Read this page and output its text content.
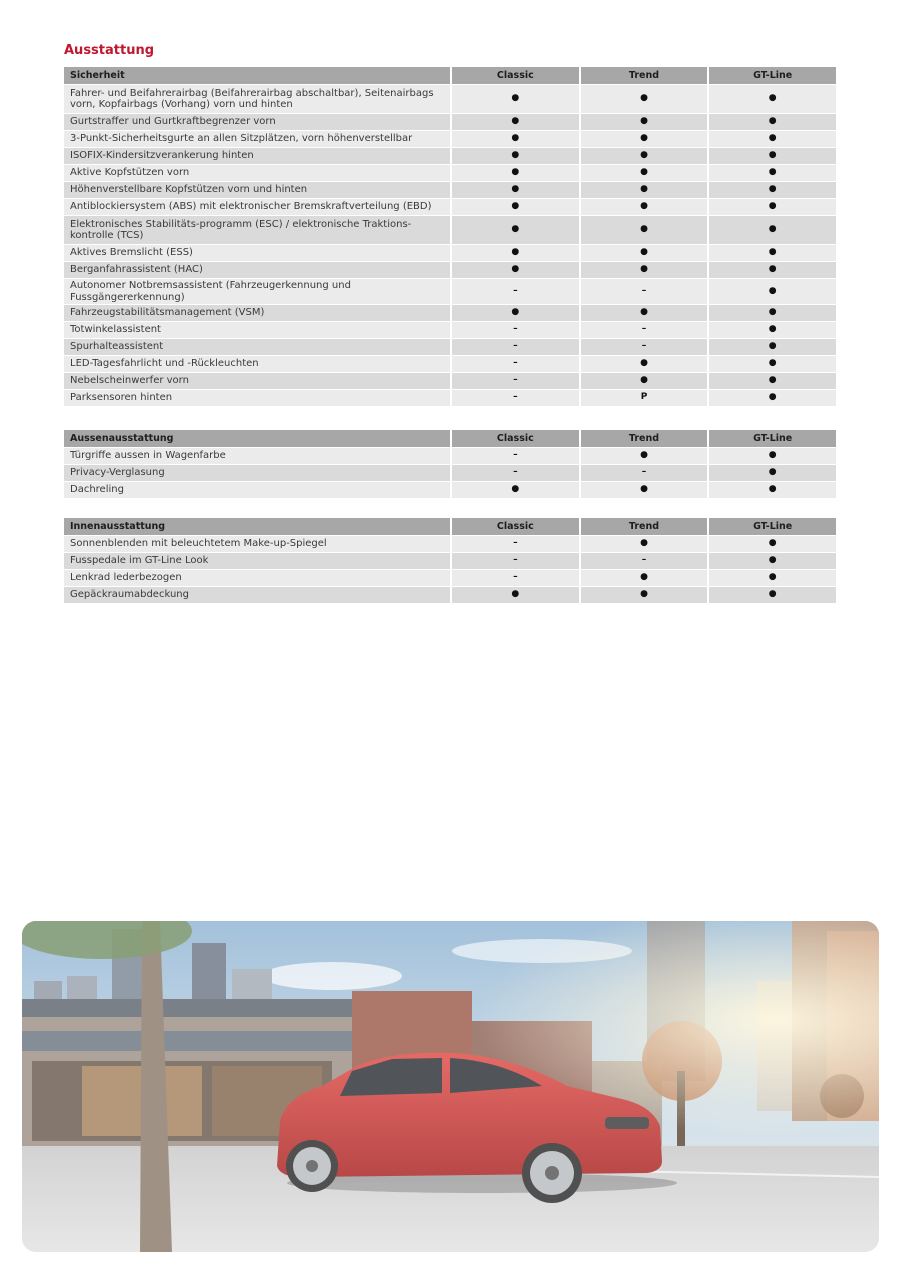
Ausstattung
Sicherheit	Classic	Trend	GT-Line
Fahrer- und Beifahrerairbag (Beifahrerairbag abschaltbar), Seitenairbags vorn, Kopfairbags (Vorhang) vorn und hinten	●	●	●
Gurtstraffer und Gurtkraftbegrenzer vorn	●	●	●
3-Punkt-Sicherheitsgurte an allen Sitzplätzen, vorn höhenverstellbar	●	●	●
ISOFIX-Kindersitzverankerung hinten	●	●	●
Aktive Kopfstützen vorn	●	●	●
Höhenverstellbare Kopfstützen vorn und hinten	●	●	●
Antiblockiersystem (ABS) mit elektronischer Bremskraftverteilung (EBD)	●	●	●
Elektronisches Stabilitäts-programm (ESC) / elektronische Traktions-kontrolle (TCS)	●	●	●
Aktives Bremslicht (ESS)	●	●	●
Berganfahrassistent (HAC)	●	●	●
Autonomer Notbremsassistent (Fahrzeugerkennung und Fussgängererkennung)	–	–	●
Fahrzeugstabilitätsmanagement (VSM)	●	●	●
Totwinkelassistent	–	–	●
Spurhalteassistent	–	–	●
LED-Tagesfahrlicht und -Rückleuchten	–	●	●
Nebelscheinwerfer vorn	–	●	●
Parksensoren hinten	–	P	●
Aussenausstattung	Classic	Trend	GT-Line
Türgriffe aussen in Wagenfarbe	–	●	●
Privacy-Verglasung	–	–	●
Dachreling	●	●	●
Innenausstattung	Classic	Trend	GT-Line
Sonnenblenden mit beleuchtetem Make-up-Spiegel	–	●	●
Fusspedale im GT-Line Look	–	–	●
Lenkrad lederbezogen	–	●	●
Gepäckraumabdeckung	●	●	●
